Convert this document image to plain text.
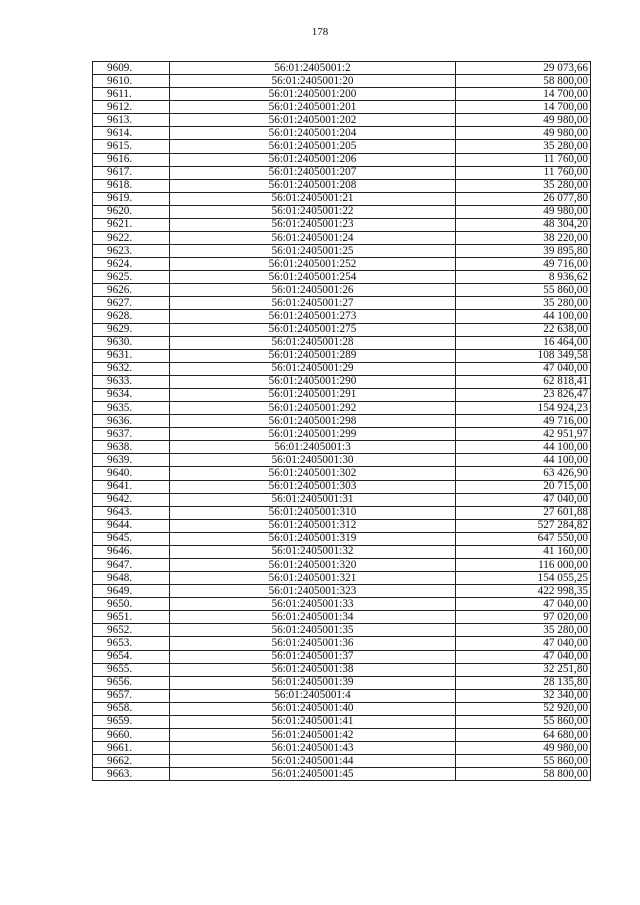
178
9609.	56:01:2405001:2	29 073,66
9610.	56:01:2405001:20	58 800,00
9611.	56:01:2405001:200	14 700,00
9612.	56:01:2405001:201	14 700,00
9613.	56:01:2405001:202	49 980,00
9614.	56:01:2405001:204	49 980,00
9615.	56:01:2405001:205	35 280,00
9616.	56:01:2405001:206	11 760,00
9617.	56:01:2405001:207	11 760,00
9618.	56:01:2405001:208	35 280,00
9619.	56:01:2405001:21	26 077,80
9620.	56:01:2405001:22	49 980,00
9621.	56:01:2405001:23	48 304,20
9622.	56:01:2405001:24	38 220,00
9623.	56:01:2405001:25	39 895,80
9624.	56:01:2405001:252	49 716,00
9625.	56:01:2405001:254	8 936,62
9626.	56:01:2405001:26	55 860,00
9627.	56:01:2405001:27	35 280,00
9628.	56:01:2405001:273	44 100,00
9629.	56:01:2405001:275	22 638,00
9630.	56:01:2405001:28	16 464,00
9631.	56:01:2405001:289	108 349,58
9632.	56:01:2405001:29	47 040,00
9633.	56:01:2405001:290	62 818,41
9634.	56:01:2405001:291	23 826,47
9635.	56:01:2405001:292	154 924,23
9636.	56:01:2405001:298	49 716,00
9637.	56:01:2405001:299	42 951,97
9638.	56:01:2405001:3	44 100,00
9639.	56:01:2405001:30	44 100,00
9640.	56:01:2405001:302	63 426,90
9641.	56:01:2405001:303	20 715,00
9642.	56:01:2405001:31	47 040,00
9643.	56:01:2405001:310	27 601,88
9644.	56:01:2405001:312	527 284,82
9645.	56:01:2405001:319	647 550,00
9646.	56:01:2405001:32	41 160,00
9647.	56:01:2405001:320	116 000,00
9648.	56:01:2405001:321	154 055,25
9649.	56:01:2405001:323	422 998,35
9650.	56:01:2405001:33	47 040,00
9651.	56:01:2405001:34	97 020,00
9652.	56:01:2405001:35	35 280,00
9653.	56:01:2405001:36	47 040,00
9654.	56:01:2405001:37	47 040,00
9655.	56:01:2405001:38	32 251,80
9656.	56:01:2405001:39	28 135,80
9657.	56:01:2405001:4	32 340,00
9658.	56:01:2405001:40	52 920,00
9659.	56:01:2405001:41	55 860,00
9660.	56:01:2405001:42	64 680,00
9661.	56:01:2405001:43	49 980,00
9662.	56:01:2405001:44	55 860,00
9663.	56:01:2405001:45	58 800,00
